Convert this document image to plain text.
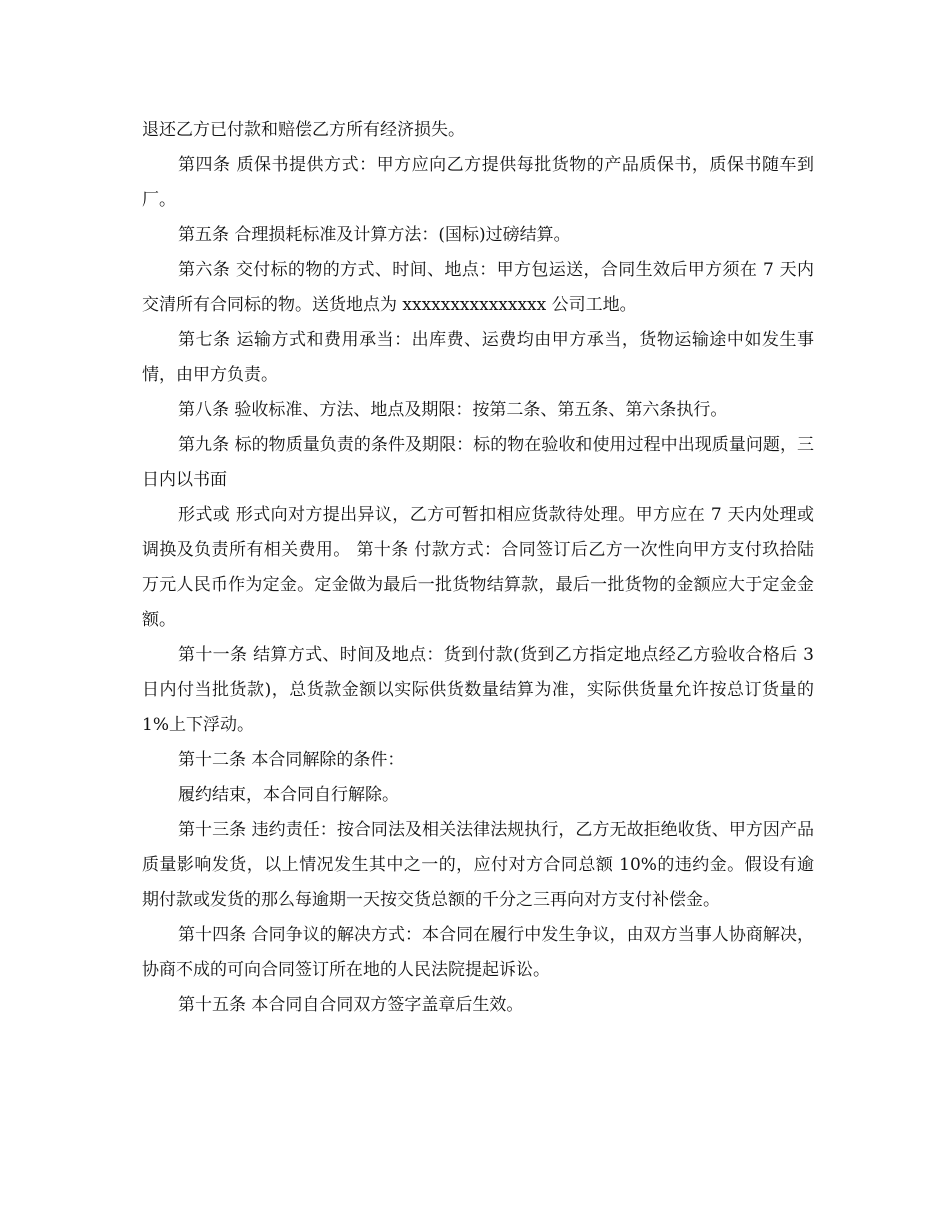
退还乙方已付款和赔偿乙方所有经济损失。

第四条 质保书提供方式：甲方应向乙方提供每批货物的产品质保书，质保书随车到厂。

第五条 合理损耗标准及计算方法：(国标)过磅结算。

第六条 交付标的物的方式、时间、地点：甲方包运送，合同生效后甲方须在 7 天内交清所有合同标的物。送货地点为 xxxxxxxxxxxxxxx 公司工地。

第七条 运输方式和费用承当：出库费、运费均由甲方承当，货物运输途中如发生事情，由甲方负责。

第八条 验收标准、方法、地点及期限：按第二条、第五条、第六条执行。

第九条 标的物质量负责的条件及期限：标的物在验收和使用过程中出现质量问题，三日内以书面

形式或 形式向对方提出异议，乙方可暂扣相应货款待处理。甲方应在 7 天内处理或调换及负责所有相关费用。 第十条 付款方式：合同签订后乙方一次性向甲方支付玖拾陆万元人民币作为定金。定金做为最后一批货物结算款，最后一批货物的金额应大于定金金额。

第十一条 结算方式、时间及地点：货到付款(货到乙方指定地点经乙方验收合格后 3 日内付当批货款)，总货款金额以实际供货数量结算为准，实际供货量允许按总订货量的 1%上下浮动。

第十二条 本合同解除的条件：

履约结束，本合同自行解除。

第十三条 违约责任：按合同法及相关法律法规执行，乙方无故拒绝收货、甲方因产品质量影响发货，以上情况发生其中之一的，应付对方合同总额 10%的违约金。假设有逾期付款或发货的那么每逾期一天按交货总额的千分之三再向对方支付补偿金。

第十四条 合同争议的解决方式：本合同在履行中发生争议，由双方当事人协商解决，协商不成的可向合同签订所在地的人民法院提起诉讼。

第十五条 本合同自合同双方签字盖章后生效。
